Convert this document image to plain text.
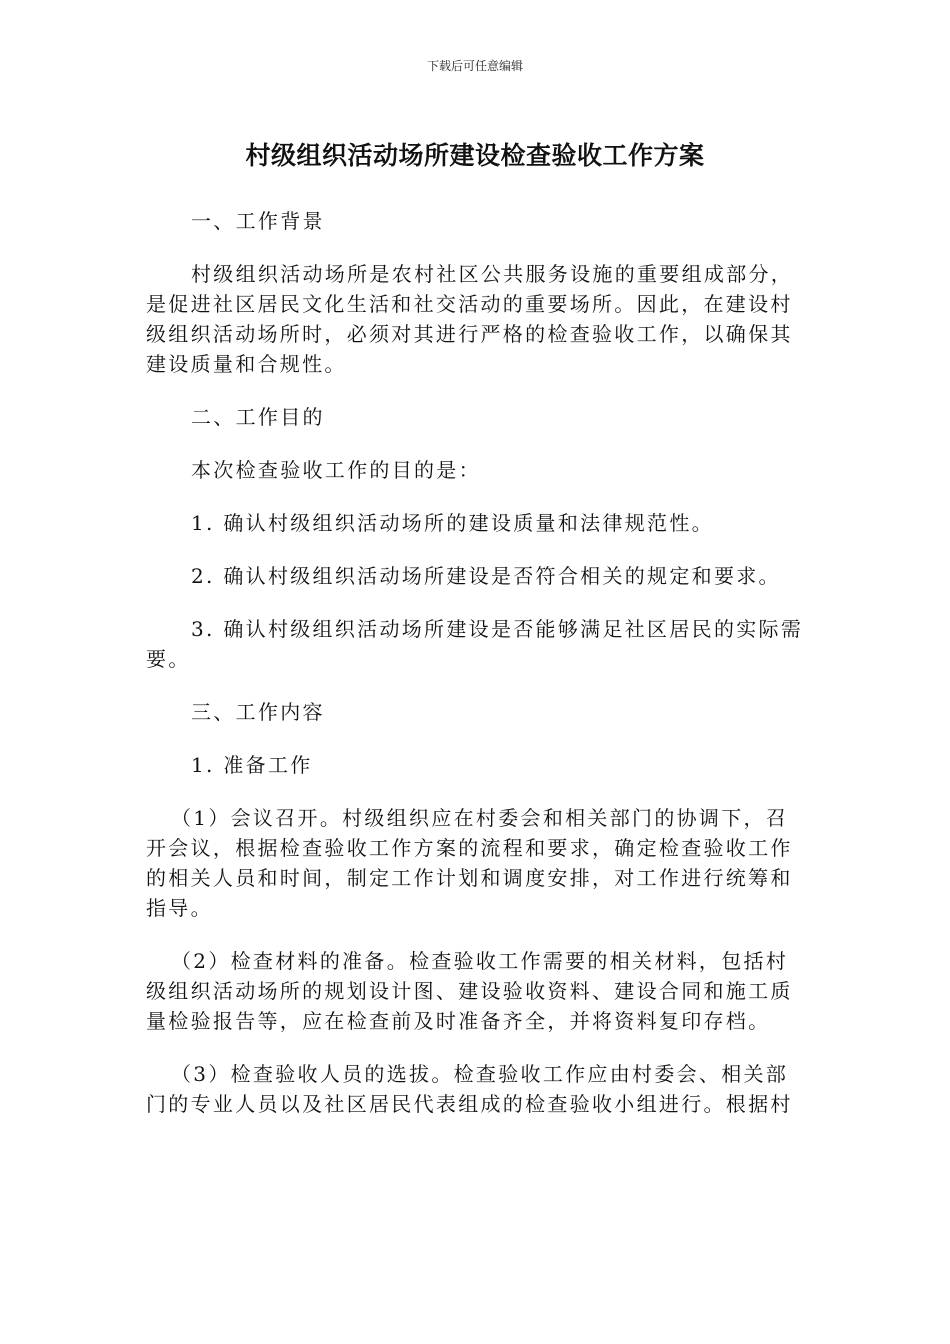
下载后可任意编辑
村级组织活动场所建设检查验收工作方案

一、工作背景

村级组织活动场所是农村社区公共服务设施的重要组成部分，是促进社区居民文化生活和社交活动的重要场所。因此，在建设村级组织活动场所时，必须对其进行严格的检查验收工作，以确保其建设质量和合规性。

二、工作目的

本次检查验收工作的目的是：

1. 确认村级组织活动场所的建设质量和法律规范性。

2. 确认村级组织活动场所建设是否符合相关的规定和要求。

3. 确认村级组织活动场所建设是否能够满足社区居民的实际需要。

三、工作内容

1. 准备工作

（1）会议召开。村级组织应在村委会和相关部门的协调下，召开会议，根据检查验收工作方案的流程和要求，确定检查验收工作的相关人员和时间，制定工作计划和调度安排，对工作进行统筹和指导。

（2）检查材料的准备。检查验收工作需要的相关材料，包括村级组织活动场所的规划设计图、建设验收资料、建设合同和施工质量检验报告等，应在检查前及时准备齐全，并将资料复印存档。

（3）检查验收人员的选拔。检查验收工作应由村委会、相关部门的专业人员以及社区居民代表组成的检查验收小组进行。根据村
